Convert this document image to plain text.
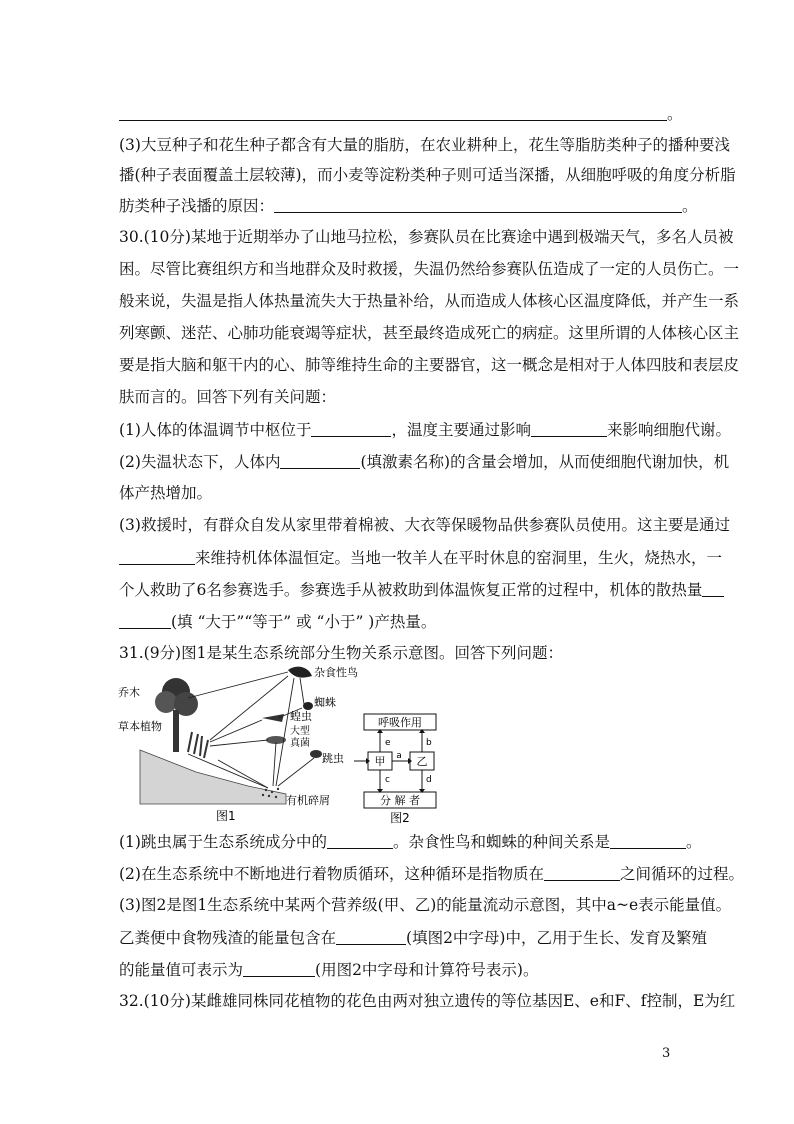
。
(3)大豆种子和花生种子都含有大量的脂肪，在农业耕种上，花生等脂肪类种子的播种要浅
播(种子表面覆盖土层较薄)，而小麦等淀粉类种子则可适当深播，从细胞呼吸的角度分析脂
肪类种子浅播的原因：	。
30.(10分)某地于近期举办了山地马拉松，参赛队员在比赛途中遇到极端天气，多名人员被
困。尽管比赛组织方和当地群众及时救援，失温仍然给参赛队伍造成了一定的人员伤亡。一
般来说，失温是指人体热量流失大于热量补给，从而造成人体核心区温度降低，并产生一系
列寒颤、迷茫、心肺功能衰竭等症状，甚至最终造成死亡的病症。这里所谓的人体核心区主
要是指大脑和躯干内的心、肺等维持生命的主要器官，这一概念是相对于人体四肢和表层皮
肤而言的。回答下列有关问题：
(1)人体的体温调节中枢位于	，温度主要通过影响	来影响细胞代谢。
(2)失温状态下，人体内	(填激素名称)的含量会增加，从而使细胞代谢加快，机
体产热增加。
(3)救援时，有群众自发从家里带着棉被、大衣等保暖物品供参赛队员使用。这主要是通过
来维持机体体温恒定。当地一牧羊人在平时休息的窑洞里，生火，烧热水，一
个人救助了6名参赛选手。参赛选手从被救助到体温恢复正常的过程中，机体的散热量
(填 “大于”“等于” 或 “小于” )产热量。
31.(9分)图1是某生态系统部分生物关系示意图。回答下列问题：
乔木
草本植物
杂食性鸟
蜘蛛
蝗虫
大型
真菌
跳虫
有机碎屑
图1
呼吸作用
甲	乙
分 解 者
a
e	b
c	d
图2
(1)跳虫属于生态系统成分中的	。杂食性鸟和蜘蛛的种间关系是	。
(2)在生态系统中不断地进行着物质循环，这种循环是指物质在	之间循环的过程。
(3)图2是图1生态系统中某两个营养级(甲、乙)的能量流动示意图，其中a~e表示能量值。
乙粪便中食物残渣的能量包含在	(填图2中字母)中，乙用于生长、发育及繁殖
的能量值可表示为	(用图2中字母和计算符号表示)。
32.(10分)某雌雄同株同花植物的花色由两对独立遗传的等位基因E、e和F、f控制，E为红
3
